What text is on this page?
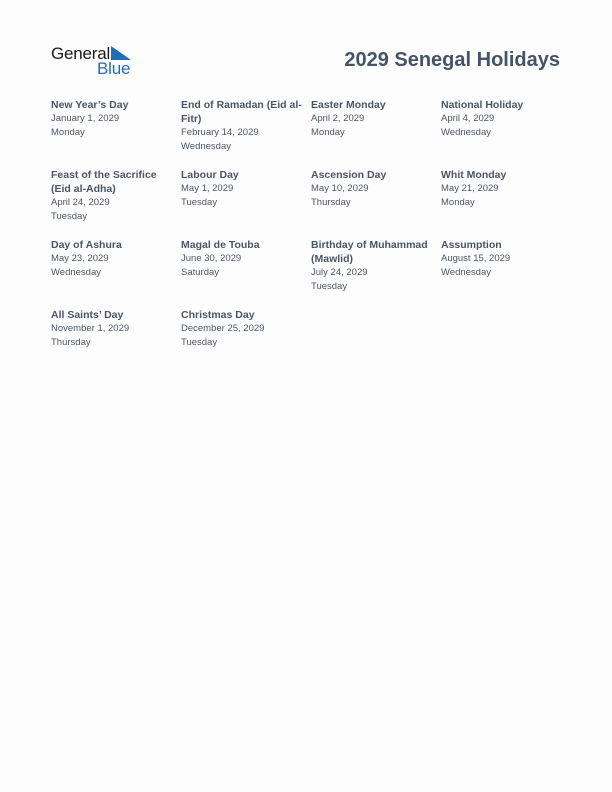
General
Blue	2029 Senegal Holidays
New Year’s Day
January 1, 2029
Monday
End of Ramadan (Eid al-Fitr)
February 14, 2029
Wednesday
Easter Monday
April 2, 2029
Monday
National Holiday
April 4, 2029
Wednesday
Feast of the Sacrifice (Eid al-Adha)
April 24, 2029
Tuesday
Labour Day
May 1, 2029
Tuesday
Ascension Day
May 10, 2029
Thursday
Whit Monday
May 21, 2029
Monday
Day of Ashura
May 23, 2029
Wednesday
Magal de Touba
June 30, 2029
Saturday
Birthday of Muhammad (Mawlid)
July 24, 2029
Tuesday
Assumption
August 15, 2029
Wednesday
All Saints’ Day
November 1, 2029
Thursday
Christmas Day
December 25, 2029
Tuesday
